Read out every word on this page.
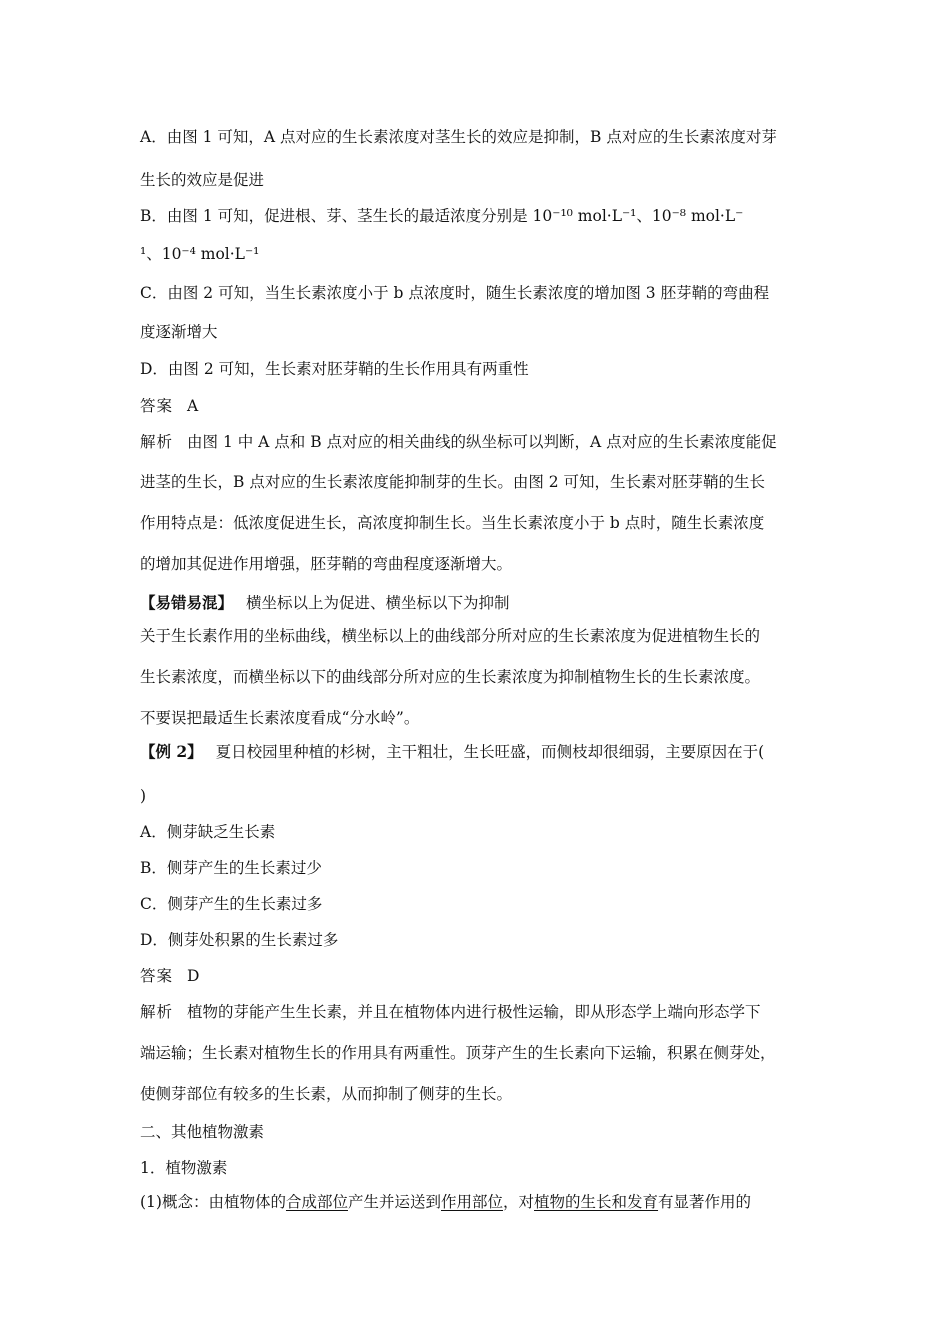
A．由图 1 可知，A 点对应的生长素浓度对茎生长的效应是抑制，B 点对应的生长素浓度对芽
生长的效应是促进
B．由图 1 可知，促进根、芽、茎生长的最适浓度分别是 10⁻¹⁰ mol·L⁻¹、10⁻⁸ mol·L⁻
¹、10⁻⁴ mol·L⁻¹
C．由图 2 可知，当生长素浓度小于 b 点浓度时，随生长素浓度的增加图 3 胚芽鞘的弯曲程
度逐渐增大
D．由图 2 可知，生长素对胚芽鞘的生长作用具有两重性
答案 A
解析 由图 1 中 A 点和 B 点对应的相关曲线的纵坐标可以判断，A 点对应的生长素浓度能促
进茎的生长，B 点对应的生长素浓度能抑制芽的生长。由图 2 可知，生长素对胚芽鞘的生长
作用特点是：低浓度促进生长，高浓度抑制生长。当生长素浓度小于 b 点时，随生长素浓度
的增加其促进作用增强，胚芽鞘的弯曲程度逐渐增大。
【易错易混】 横坐标以上为促进、横坐标以下为抑制
关于生长素作用的坐标曲线，横坐标以上的曲线部分所对应的生长素浓度为促进植物生长的
生长素浓度，而横坐标以下的曲线部分所对应的生长素浓度为抑制植物生长的生长素浓度。
不要误把最适生长素浓度看成“分水岭”。
【例 2】 夏日校园里种植的杉树，主干粗壮，生长旺盛，而侧枝却很细弱，主要原因在于(
)
A．侧芽缺乏生长素
B．侧芽产生的生长素过少
C．侧芽产生的生长素过多
D．侧芽处积累的生长素过多
答案 D
解析 植物的芽能产生生长素，并且在植物体内进行极性运输，即从形态学上端向形态学下
端运输；生长素对植物生长的作用具有两重性。顶芽产生的生长素向下运输，积累在侧芽处，
使侧芽部位有较多的生长素，从而抑制了侧芽的生长。
二、其他植物激素
1．植物激素
(1)概念：由植物体的合成部位产生并运送到作用部位，对植物的生长和发育有显著作用的
